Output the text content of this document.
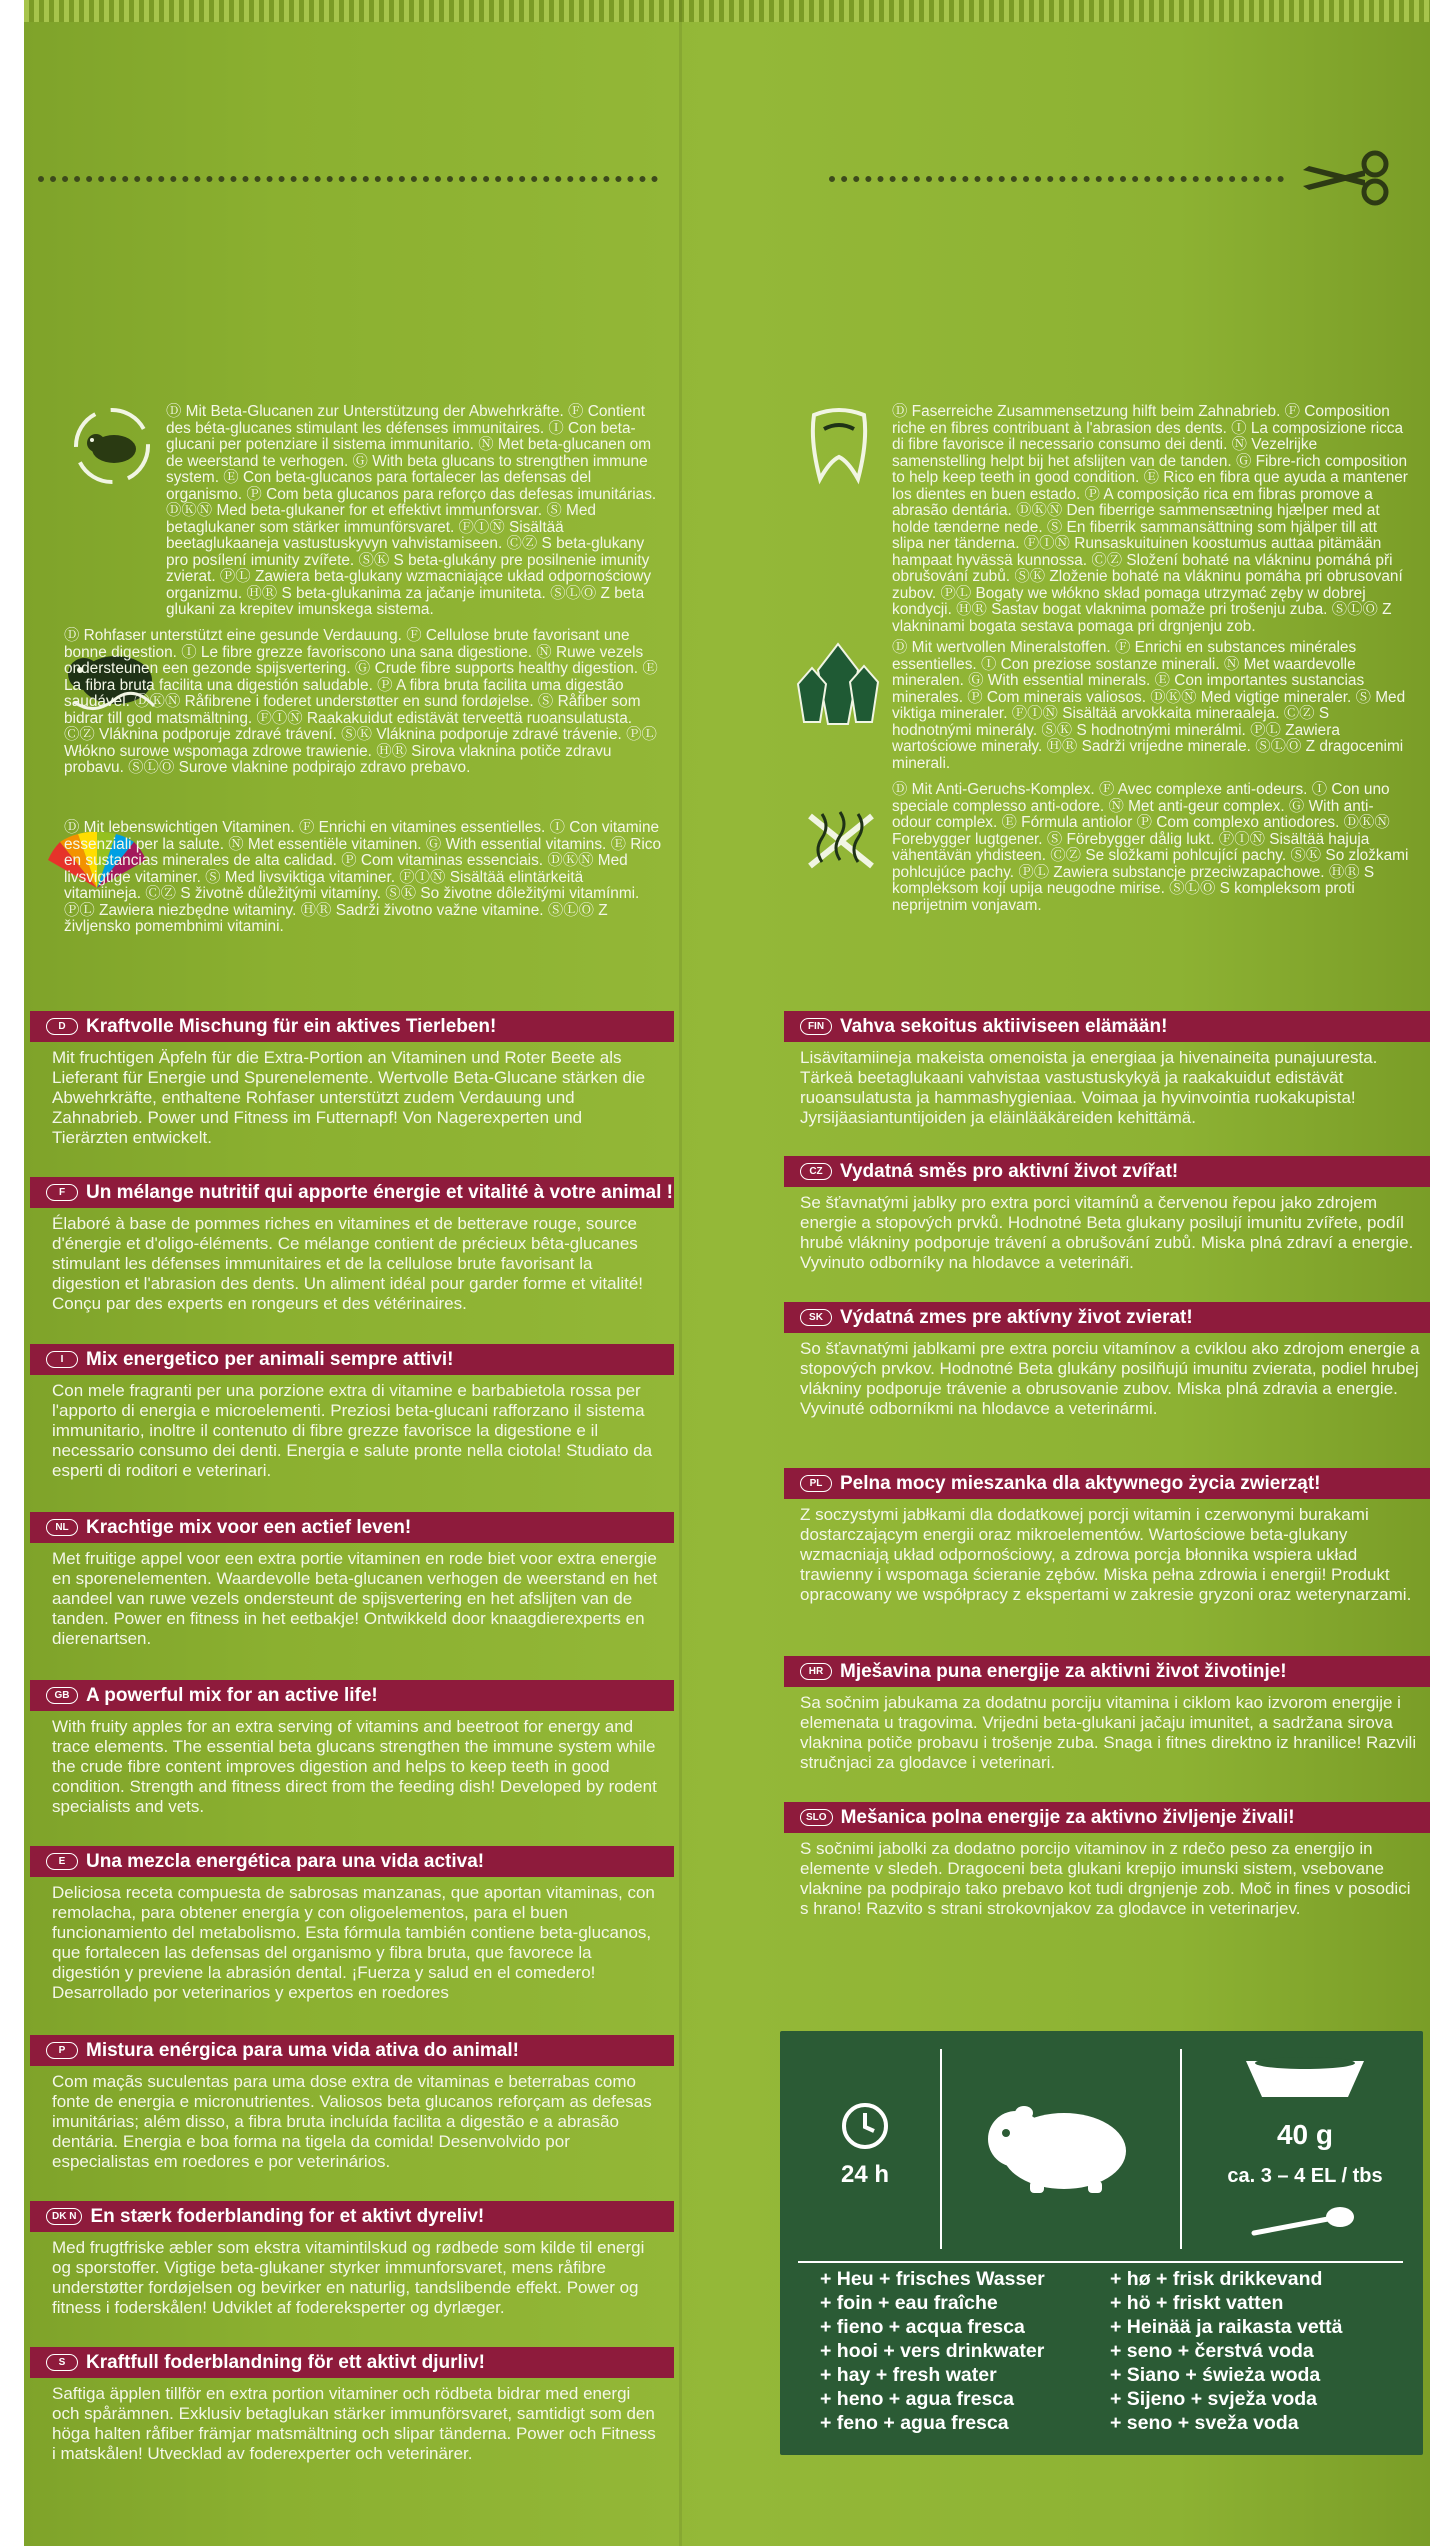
Ⓓ Mit Beta-Glucanen zur Unterstützung der Abwehrkräfte. Ⓕ Contient des béta-glucanes stimulant les défenses immunitaires. Ⓘ Con beta-glucani per potenziare il sistema immunitario. Ⓝ Met beta-glucanen om de weerstand te verhogen. Ⓖ With beta glucans to strengthen immune system. Ⓔ Con beta-glucanos para fortalecer las defensas del organismo. Ⓟ Com beta glucanos para reforço das defesas imunitárias. ⒹⓀⓃ Med beta-glukaner for et effektivt immunforsvar. Ⓢ Med betaglukaner som stärker immunförsvaret. ⒻⒾⓃ Sisältää beetaglukaaneja vastustuskyvyn vahvistamiseen. ⒸⓏ S beta-glukany pro posílení imunity zvířete. ⓈⓀ S beta-glukány pre posilnenie imunity zvierat. ⓅⓁ Zawiera beta-glukany wzmacniające układ odpornościowy organizmu. ⒽⓇ S beta-glukanima za jačanje imuniteta. ⓈⓁⓄ Z beta glukani za krepitev imunskega sistema.

Ⓓ Rohfaser unterstützt eine gesunde Verdauung. Ⓕ Cellulose brute favorisant une bonne digestion. Ⓘ Le fibre grezze favoriscono una sana digestione. Ⓝ Ruwe vezels ondersteunen een gezonde spijsvertering. Ⓖ Crude fibre supports healthy digestion. Ⓔ La fibra bruta facilita una digestión saludable. Ⓟ A fibra bruta facilita uma digestão saudável. ⒹⓀⓃ Råfibrene i foderet understøtter en sund fordøjelse. Ⓢ Råfiber som bidrar till god matsmältning. ⒻⒾⓃ Raakakuidut edistävät terveettä ruoansulatusta. ⒸⓏ Vláknina podporuje zdravé trávení. ⓈⓀ Vláknina podporuje zdravé trávenie. ⓅⓁ Włókno surowe wspomaga zdrowe trawienie. ⒽⓇ Sirova vlaknina potiče zdravu probavu. ⓈⓁⓄ Surove vlaknine podpirajo zdravo prebavo.

Ⓓ Mit lebenswichtigen Vitaminen. Ⓕ Enrichi en vitamines essentielles. Ⓘ Con vitamine essenziali per la salute. Ⓝ Met essentiële vitaminen. Ⓖ With essential vitamins. Ⓔ Rico en sustancias minerales de alta calidad. Ⓟ Com vitaminas essenciais. ⒹⓀⓃ Med livsvigtige vitaminer. Ⓢ Med livsviktiga vitaminer. ⒻⒾⓃ Sisältää elintärkeitä vitamiineja. ⒸⓏ S životně důležitými vitamíny. ⓈⓀ So životne dôležitými vitamínmi. ⓅⓁ Zawiera niezbędne witaminy. ⒽⓇ Sadrži životno važne vitamine. ⓈⓁⓄ Z življensko pomembnimi vitamini.

Ⓓ Faserreiche Zusammensetzung hilft beim Zahnabrieb. Ⓕ Composition riche en fibres contribuant à l'abrasion des dents. Ⓘ La composizione ricca di fibre favorisce il necessario consumo dei denti. Ⓝ Vezelrijke samenstelling helpt bij het afslijten van de tanden. Ⓖ Fibre-rich composition to help keep teeth in good condition. Ⓔ Rico en fibra que ayuda a mantener los dientes en buen estado. Ⓟ A composição rica em fibras promove a abrasão dentária. ⒹⓀⓃ Den fiberrige sammensætning hjælper med at holde tænderne nede. Ⓢ En fiberrik sammansättning som hjälper till att slipa ner tänderna. ⒻⒾⓃ Runsaskuituinen koostumus auttaa pitämään hampaat hyvässä kunnossa. ⒸⓏ Složení bohaté na vlákninu pomáhá při obrušování zubů. ⓈⓀ Zloženie bohaté na vlákninu pomáha pri obrusovaní zubov. ⓅⓁ Bogaty we włókno skład pomaga utrzymać zęby w dobrej kondycji. ⒽⓇ Sastav bogat vlaknima pomaže pri trošenju zuba. ⓈⓁⓄ Z vlakninami bogata sestava pomaga pri drgnjenju zob.

Ⓓ Mit wertvollen Mineralstoffen. Ⓕ Enrichi en substances minérales essentielles. Ⓘ Con preziose sostanze minerali. Ⓝ Met waardevolle mineralen. Ⓖ With essential minerals. Ⓔ Con importantes sustancias minerales. Ⓟ Com minerais valiosos. ⒹⓀⓃ Med vigtige mineraler. Ⓢ Med viktiga mineraler. ⒻⒾⓃ Sisältää arvokkaita mineraaleja. ⒸⓏ S hodnotnými minerály. ⓈⓀ S hodnotnými minerálmi. ⓅⓁ Zawiera wartościowe minerały. ⒽⓇ Sadrži vrijedne minerale. ⓈⓁⓄ Z dragocenimi minerali.

Ⓓ Mit Anti-Geruchs-Komplex. Ⓕ Avec complexe anti-odeurs. Ⓘ Con uno speciale complesso anti-odore. Ⓝ Met anti-geur complex. Ⓖ With anti-odour complex. Ⓔ Fórmula antiolor Ⓟ Com complexo antiodores. ⒹⓀⓃ Forebygger lugtgener. Ⓢ Förebygger dålig lukt. ⒻⒾⓃ Sisältää hajuja vähentävän yhdisteen. ⒸⓏ Se složkami pohlcující pachy. ⓈⓀ So zložkami pohlcujúce pachy. ⓅⓁ Zawiera substancje przeciwzapachowe. ⒽⓇ S kompleksom koji upija neugodne mirise. ⓈⓁⓄ S kompleksom proti neprijetnim vonjavam.

D	Kraftvolle Mischung für ein aktives Tierleben!

Mit fruchtigen Äpfeln für die Extra-Portion an Vitaminen und Roter Beete als Lieferant für Energie und Spurenelemente. Wertvolle Beta-Glucane stärken die Abwehrkräfte, enthaltene Rohfaser unterstützt zudem Verdauung und Zahnabrieb. Power und Fitness im Futternapf! Von Nagerexperten und Tierärzten entwickelt.

F	Un mélange nutritif qui apporte énergie et vitalité à votre animal !

Élaboré à base de pommes riches en vitamines et de betterave rouge, source d'énergie et d'oligo-éléments. Ce mélange contient de précieux bêta-glucanes stimulant les défenses immunitaires et de la cellulose brute favorisant la digestion et l'abrasion des dents. Un aliment idéal pour garder forme et vitalité! Conçu par des experts en rongeurs et des vétérinaires.

I	Mix energetico per animali sempre attivi!

Con mele fragranti per una porzione extra di vitamine e barbabietola rossa per l'apporto di energia e microelementi. Preziosi beta-glucani rafforzano il sistema immunitario, inoltre il contenuto di fibre grezze favorisce la digestione e il necessario consumo dei denti. Energia e salute pronte nella ciotola! Studiato da esperti di roditori e veterinari.

NL Krachtige mix voor een actief leven!

Met fruitige appel voor een extra portie vitaminen en rode biet voor extra energie en sporenelementen. Waardevolle beta-glucanen verhogen de weerstand en het aandeel van ruwe vezels ondersteunt de spijsvertering en het afslijten van de tanden. Power en fitness in het eetbakje! Ontwikkeld door knaagdierexperts en dierenartsen.

GB A powerful mix for an active life!

With fruity apples for an extra serving of vitamins and beetroot for energy and trace elements. The essential beta glucans strengthen the immune system while the crude fibre content improves digestion and helps to keep teeth in good condition. Strength and fitness direct from the feeding dish! Developed by rodent specialists and vets.

E	Una mezcla energética para una vida activa!

Deliciosa receta compuesta de sabrosas manzanas, que aportan vitaminas, con remolacha, para obtener energía y con oligoelementos, para el buen funcionamiento del metabolismo. Esta fórmula también contiene beta-glucanos, que fortalecen las defensas del organismo y fibra bruta, que favorece la digestión y previene la abrasión dental. ¡Fuerza y salud en el comedero! Desarrollado por veterinarios y expertos en roedores

P	Mistura enérgica para uma vida ativa do animal!

Com maçãs suculentas para uma dose extra de vitaminas e beterrabas como fonte de energia e micronutrientes. Valiosos beta glucanos reforçam as defesas imunitárias; além disso, a fibra bruta incluída facilita a digestão e a abrasão dentária. Energia e boa forma na tigela da comida! Desenvolvido por especialistas em roedores e por veterinários.

DK N En stærk foderblanding for et aktivt dyreliv!

Med frugtfriske æbler som ekstra vitamintilskud og rødbede som kilde til energi og sporstoffer. Vigtige beta-glukaner styrker immunforsvaret, mens råfibre understøtter fordøjelsen og bevirker en naturlig, tandslibende effekt. Power og fitness i foderskålen! Udviklet af fodereksperter og dyrlæger.

S	Kraftfull foderblandning för ett aktivt djurliv!

Saftiga äpplen tillför en extra portion vitaminer och rödbeta bidrar med energi och spårämnen. Exklusiv betaglukan stärker immunförsvaret, samtidigt som den höga halten råfiber främjar matsmältning och slipar tänderna. Power och Fitness i matskålen! Utvecklad av foderexperter och veterinärer.

FIN Vahva sekoitus aktiiviseen elämään!

Lisävitamiineja makeista omenoista ja energiaa ja hivenaineita punajuuresta. Tärkeä beetaglukaani vahvistaa vastustuskykyä ja raakakuidut edistävät ruoansulatusta ja hammashygieniaa. Voimaa ja hyvinvointia ruokakupista! Jyrsijäasiantuntijoiden ja eläinlääkäreiden kehittämä.

CZ Vydatná směs pro aktivní život zvířat!

Se šťavnatými jablky pro extra porci vitamínů a červenou řepou jako zdrojem energie a stopových prvků. Hodnotné Beta glukany posilují imunitu zvířete, podíl hrubé vlákniny podporuje trávení a obrušování zubů. Miska plná zdraví a energie. Vyvinuto odborníky na hlodavce a veterináři.

SK Výdatná zmes pre aktívny život zvierat!

So šťavnatými jablkami pre extra porciu vitamínov a cviklou ako zdrojom energie a stopových prvkov. Hodnotné Beta glukány posilňujú imunitu zvierata, podiel hrubej vlákniny podporuje trávenie a obrusovanie zubov. Miska plná zdravia a energie. Vyvinuté odborníkmi na hlodavce a veterinármi.

PL Pelna mocy mieszanka dla aktywnego życia zwierząt!

Z soczystymi jabłkami dla dodatkowej porcji witamin i czerwonymi burakami dostarczającym energii oraz mikroelementów. Wartościowe beta-glukany wzmacniają układ odpornościowy, a zdrowa porcja błonnika wspiera układ trawienny i wspomaga ścieranie zębów. Miska pełna zdrowia i energii! Produkt opracowany we współpracy z ekspertami w zakresie gryzoni oraz weterynarzami.

HR Mješavina puna energije za aktivni život životinje!

Sa sočnim jabukama za dodatnu porciju vitamina i ciklom kao izvorom energije i elemenata u tragovima. Vrijedni beta-glukani jačaju imunitet, a sadržana sirova vlaknina potiče probavu i trošenje zuba. Snaga i fitnes direktno iz hranilice! Razvili stručnjaci za glodavce i veterinari.

SLO Mešanica polna energije za aktivno življenje živali!

S sočnimi jabolki za dodatno porcijo vitaminov in z rdečo peso za energijo in elemente v sledeh. Dragoceni beta glukani krepijo imunski sistem, vsebovane vlaknine pa podpirajo tako prebavo kot tudi drgnjenje zob. Moč in fines v posodici s hrano! Razvito s strani strokovnjakov za glodavce in veterinarjev.

24 h
40 g
ca. 3 – 4 EL / tbs
+ Heu + frisches Wasser
+ foin + eau fraîche
+ fieno + acqua fresca
+ hooi + vers drinkwater
+ hay + fresh water
+ heno + agua fresca
+ feno + agua fresca
+ hø + frisk drikkevand
+ hö + friskt vatten
+ Heinää ja raikasta vettä
+ seno + čerstvá voda
+ Siano + świeża woda
+ Sijeno + svježa voda
+ seno + sveža voda
